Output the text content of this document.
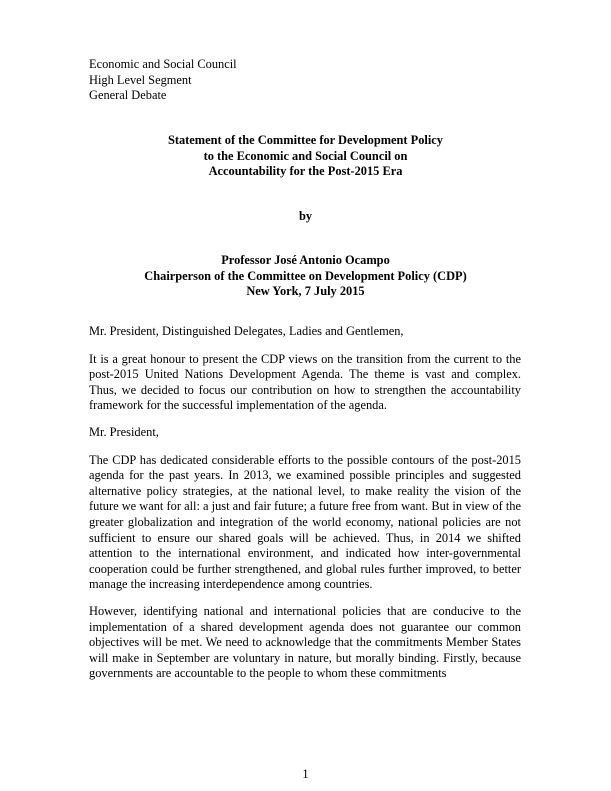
Economic and Social Council
High Level Segment
General Debate
Statement of the Committee for Development Policy
to the Economic and Social Council on
Accountability for the Post-2015 Era
by
Professor José Antonio Ocampo
Chairperson of the Committee on Development Policy (CDP)
New York, 7 July 2015

Mr. President, Distinguished Delegates, Ladies and Gentlemen,

It is a great honour to present the CDP views on the transition from the current to the post-2015 United Nations Development Agenda. The theme is vast and complex. Thus, we decided to focus our contribution on how to strengthen the accountability framework for the successful implementation of the agenda.

Mr. President,

The CDP has dedicated considerable efforts to the possible contours of the post-2015 agenda for the past years. In 2013, we examined possible principles and suggested alternative policy strategies, at the national level, to make reality the vision of the future we want for all: a just and fair future; a future free from want. But in view of the greater globalization and integration of the world economy, national policies are not sufficient to ensure our shared goals will be achieved. Thus, in 2014 we shifted attention to the international environment, and indicated how inter-governmental cooperation could be further strengthened, and global rules further improved, to better manage the increasing interdependence among countries.

However, identifying national and international policies that are conducive to the implementation of a shared development agenda does not guarantee our common objectives will be met. We need to acknowledge that the commitments Member States will make in September are voluntary in nature, but morally binding. Firstly, because governments are accountable to the people to whom these commitments

1
